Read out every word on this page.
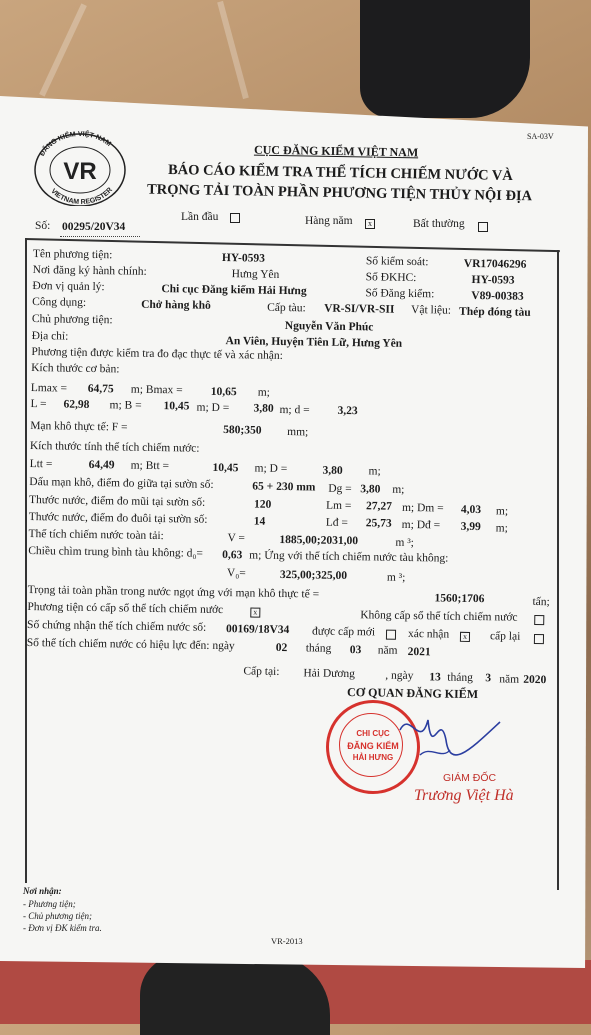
ĐĂNG KIỂM VIỆT NAM
VIETNAM REGISTER
VR
SA-03V
CỤC ĐĂNG KIỂM VIỆT NAM
BÁO CÁO KIỂM TRA THỂ TÍCH CHIẾM NƯỚC VÀ
TRỌNG TẢI TOÀN PHẦN PHƯƠNG TIỆN THỦY NỘI ĐỊA
Lần đầu	Hàng năm	x	Bất thường
Số: 00295/20V34
Tên phương tiện:	HY-0593	Số kiểm soát:	VR17046296
Nơi đăng ký hành chính:	Hưng Yên	Số ĐKHC:	HY-0593
Đơn vị quản lý:	Chi cục Đăng kiểm Hải Hưng	Số Đăng kiểm:	V89-00383
Công dụng:	Chở hàng khô	Cấp tàu: VR-SI/VR-SII Vật liệu: Thép đóng tàu
Chủ phương tiện:
Nguyễn Văn Phúc
Địa chỉ:	An Viên, Huyện Tiên Lữ, Hưng Yên
Phương tiện được kiểm tra đo đạc thực tế và xác nhận:
Kích thước cơ bản:
Lmax = 64,75 m; Bmax = 10,65 m;
L = 62,98 m; B = 10,45 m; D = 3,80 m; d = 3,23
Mạn khô thực tế: F =	580;350 mm;
Kích thước tính thể tích chiếm nước:
Ltt =	64,49 m; Btt =	10,45 m; D =	3,80 m;
Dấu mạn khô, điểm đo giữa tại sườn số:	65 + 230 mm Dg = 3,80 m;
Thước nước, điểm đo mũi tại sườn số:	120	Lm = 27,27 m; Dm = 4,03 m;
Thước nước, điểm đo đuôi tại sườn số:	14	Lđ = 25,73 m; Dđ = 3,99 m;
Thể tích chiếm nước toàn tải:	V =	1885,00;2031,00	m ³;
Chiều chìm trung bình tàu không: d₀= 0,63 m; Ứng với thể tích chiếm nước tàu không:
V₀=	325,00;325,00	m ³;
Trọng tải toàn phần trong nước ngọt ứng với mạn khô thực tế =	1560;1706	tấn;
Phương tiện có cấp sổ thể tích chiếm nước	x	Không cấp sổ thể tích chiếm nước
Số chứng nhận thể tích chiếm nước số: 00169/18V34 được cấp mới	xác nhận	x cấp lại
Sổ thể tích chiếm nước có hiệu lực đến: ngày	02 tháng 03 năm 2021
Cấp tại: Hải Dương	, ngày 13 tháng 3 năm 2020
CƠ QUAN ĐĂNG KIỂM
CHI CỤC
ĐĂNG KIỂM
HẢI HƯNG
GIÁM ĐỐC
Trương Việt Hà
Nơi nhận:
- Phương tiện;
- Chủ phương tiện;
- Đơn vị ĐK kiểm tra.
VR-2013
